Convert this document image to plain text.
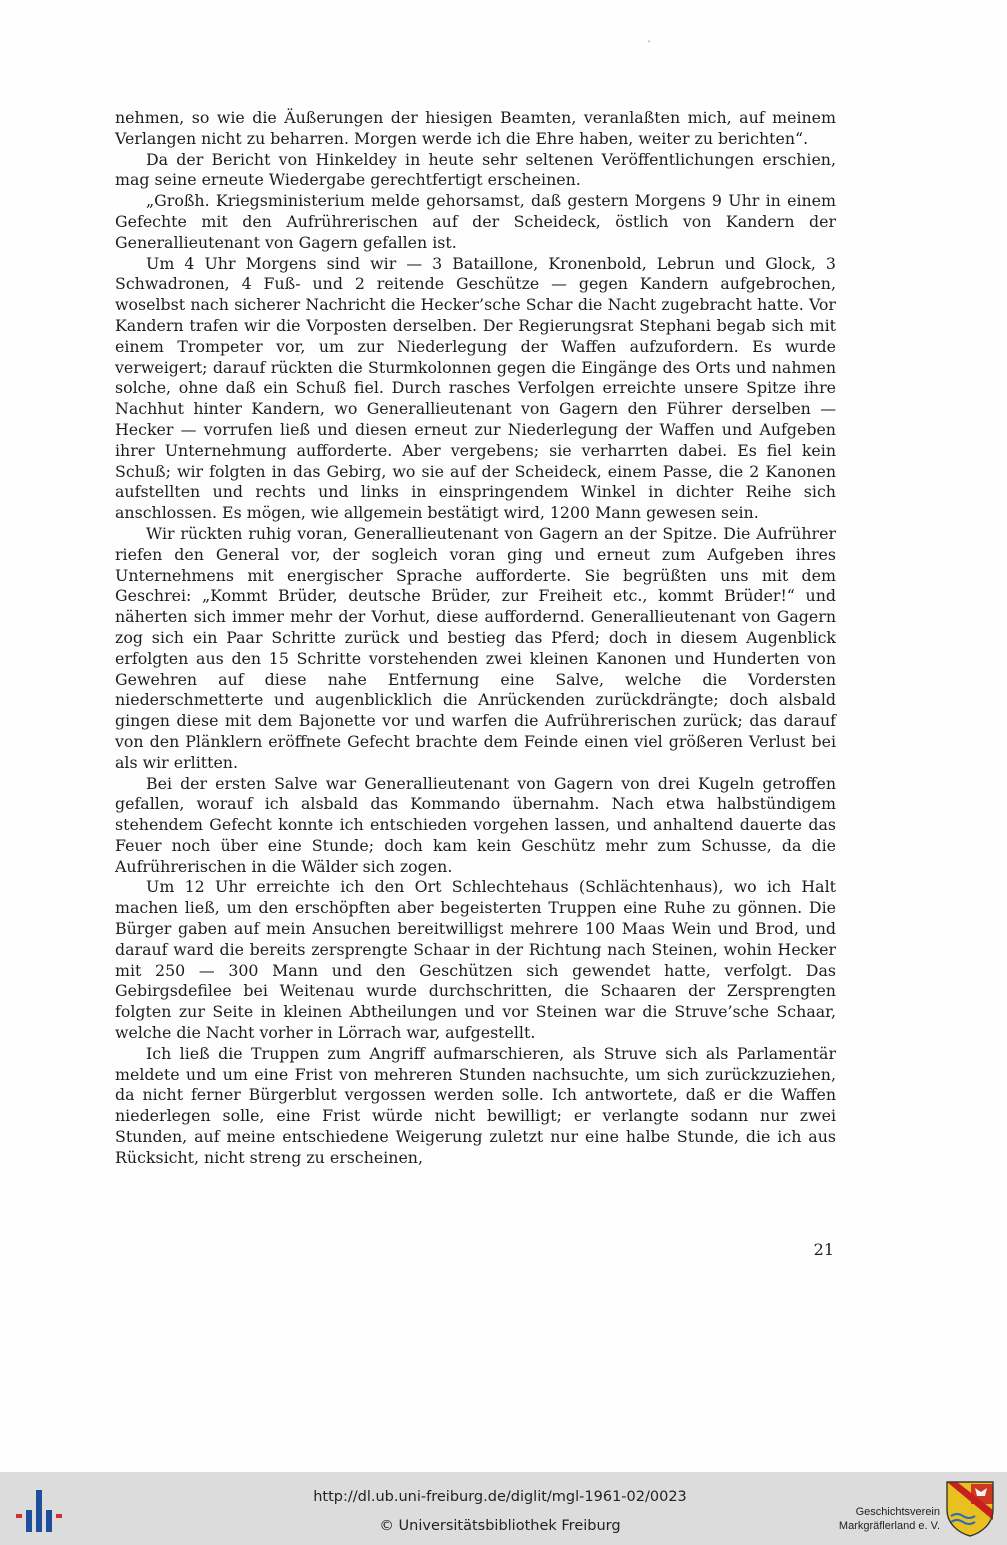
′

nehmen, so wie die Äußerungen der hiesigen Beamten, veranlaßten mich, auf meinem Verlangen nicht zu beharren. Morgen werde ich die Ehre haben, weiter zu berichten“.

Da der Bericht von Hinkeldey in heute sehr seltenen Veröffentlichungen erschien, mag seine erneute Wiedergabe gerechtfertigt erscheinen.

„Großh. Kriegsministerium melde gehorsamst, daß gestern Morgens 9 Uhr in einem Gefechte mit den Aufrührerischen auf der Scheideck, östlich von Kandern der Generallieutenant von Gagern gefallen ist.

Um 4 Uhr Morgens sind wir — 3 Bataillone, Kronenbold, Lebrun und Glock, 3 Schwadronen, 4 Fuß- und 2 reitende Geschütze — gegen Kandern aufgebrochen, woselbst nach sicherer Nachricht die Hecker’sche Schar die Nacht zugebracht hatte. Vor Kandern trafen wir die Vorposten derselben. Der Regierungsrat Stephani begab sich mit einem Trompeter vor, um zur Niederlegung der Waffen aufzufordern. Es wurde verweigert; darauf rückten die Sturmkolonnen gegen die Eingänge des Orts und nahmen solche, ohne daß ein Schuß fiel. Durch rasches Verfolgen erreichte unsere Spitze ihre Nachhut hinter Kandern, wo Generallieutenant von Gagern den Führer derselben — Hecker — vorrufen ließ und diesen erneut zur Niederlegung der Waffen und Aufgeben ihrer Unternehmung aufforderte. Aber vergebens; sie verharrten dabei. Es fiel kein Schuß; wir folgten in das Gebirg, wo sie auf der Scheideck, einem Passe, die 2 Kanonen aufstellten und rechts und links in einspringendem Winkel in dichter Reihe sich anschlossen. Es mögen, wie allgemein bestätigt wird, 1200 Mann gewesen sein.

Wir rückten ruhig voran, Generallieutenant von Gagern an der Spitze. Die Aufrührer riefen den General vor, der sogleich voran ging und erneut zum Aufgeben ihres Unternehmens mit energischer Sprache aufforderte. Sie begrüßten uns mit dem Geschrei: „Kommt Brüder, deutsche Brüder, zur Freiheit etc., kommt Brüder!“ und näherten sich immer mehr der Vorhut, diese auffordernd. Generallieutenant von Gagern zog sich ein Paar Schritte zurück und bestieg das Pferd; doch in diesem Augenblick erfolgten aus den 15 Schritte vorstehenden zwei kleinen Kanonen und Hunderten von Gewehren auf diese nahe Entfernung eine Salve, welche die Vordersten niederschmetterte und augenblicklich die Anrückenden zurückdrängte; doch alsbald gingen diese mit dem Bajonette vor und warfen die Aufrührerischen zurück; das darauf von den Plänklern eröffnete Gefecht brachte dem Feinde einen viel größeren Verlust bei als wir erlitten.

Bei der ersten Salve war Generallieutenant von Gagern von drei Kugeln getroffen gefallen, worauf ich alsbald das Kommando übernahm. Nach etwa halbstündigem stehendem Gefecht konnte ich entschieden vorgehen lassen, und anhaltend dauerte das Feuer noch über eine Stunde; doch kam kein Geschütz mehr zum Schusse, da die Aufrührerischen in die Wälder sich zogen.

Um 12 Uhr erreichte ich den Ort Schlechtehaus (Schlächtenhaus), wo ich Halt machen ließ, um den erschöpften aber begeisterten Truppen eine Ruhe zu gönnen. Die Bürger gaben auf mein Ansuchen bereitwilligst mehrere 100 Maas Wein und Brod, und darauf ward die bereits zersprengte Schaar in der Richtung nach Steinen, wohin Hecker mit 250 — 300 Mann und den Geschützen sich gewendet hatte, verfolgt. Das Gebirgsdefilee bei Weitenau wurde durchschritten, die Schaaren der Zersprengten folgten zur Seite in kleinen Abtheilungen und vor Steinen war die Struve’sche Schaar, welche die Nacht vorher in Lörrach war, aufgestellt.

Ich ließ die Truppen zum Angriff aufmarschieren, als Struve sich als Parlamentär meldete und um eine Frist von mehreren Stunden nachsuchte, um sich zurückzuziehen, da nicht ferner Bürgerblut vergossen werden solle. Ich antwortete, daß er die Waffen niederlegen solle, eine Frist würde nicht bewilligt; er verlangte sodann nur zwei Stunden, auf meine entschiedene Weigerung zuletzt nur eine halbe Stunde, die ich aus Rücksicht, nicht streng zu erscheinen,

21
http://dl.ub.uni-freiburg.de/diglit/mgl-1961-02/0023
© Universitätsbibliothek Freiburg
Geschichtsverein
Markgräflerland e. V.
